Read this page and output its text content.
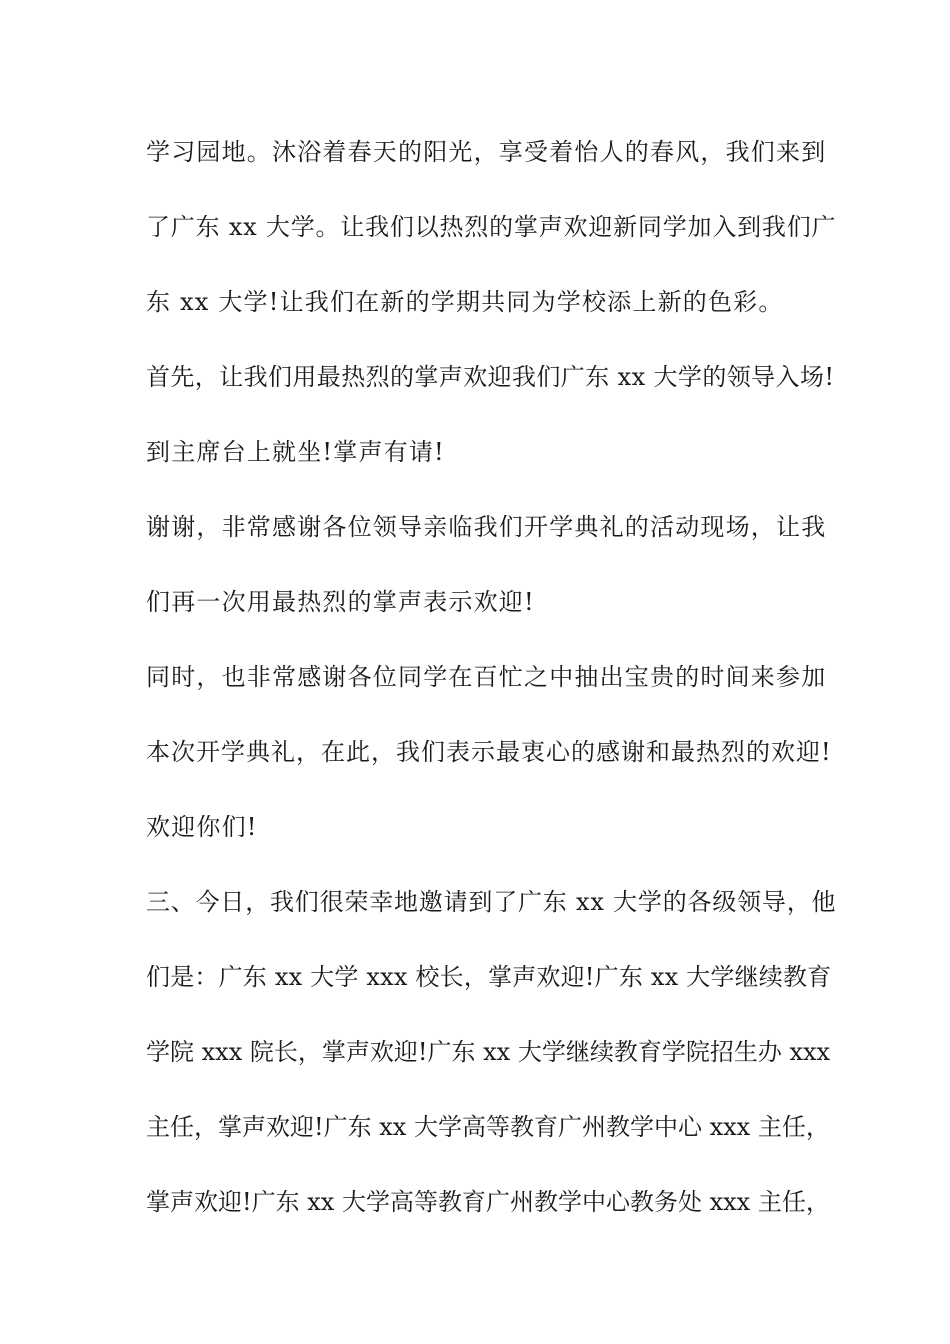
学习园地。沐浴着春天的阳光，享受着怡人的春风，我们来到
了广东 xx 大学。让我们以热烈的掌声欢迎新同学加入到我们广
东 xx 大学!让我们在新的学期共同为学校添上新的色彩。
首先，让我们用最热烈的掌声欢迎我们广东 xx 大学的领导入场!
到主席台上就坐!掌声有请!
谢谢，非常感谢各位领导亲临我们开学典礼的活动现场，让我
们再一次用最热烈的掌声表示欢迎!
同时，也非常感谢各位同学在百忙之中抽出宝贵的时间来参加
本次开学典礼，在此，我们表示最衷心的感谢和最热烈的欢迎!
欢迎你们!
三、今日，我们很荣幸地邀请到了广东 xx 大学的各级领导，他
们是：广东 xx 大学 xxx 校长，掌声欢迎!广东 xx 大学继续教育
学院 xxx 院长，掌声欢迎!广东 xx 大学继续教育学院招生办 xxx
主任，掌声欢迎!广东 xx 大学高等教育广州教学中心 xxx 主任，
掌声欢迎!广东 xx 大学高等教育广州教学中心教务处 xxx 主任，
